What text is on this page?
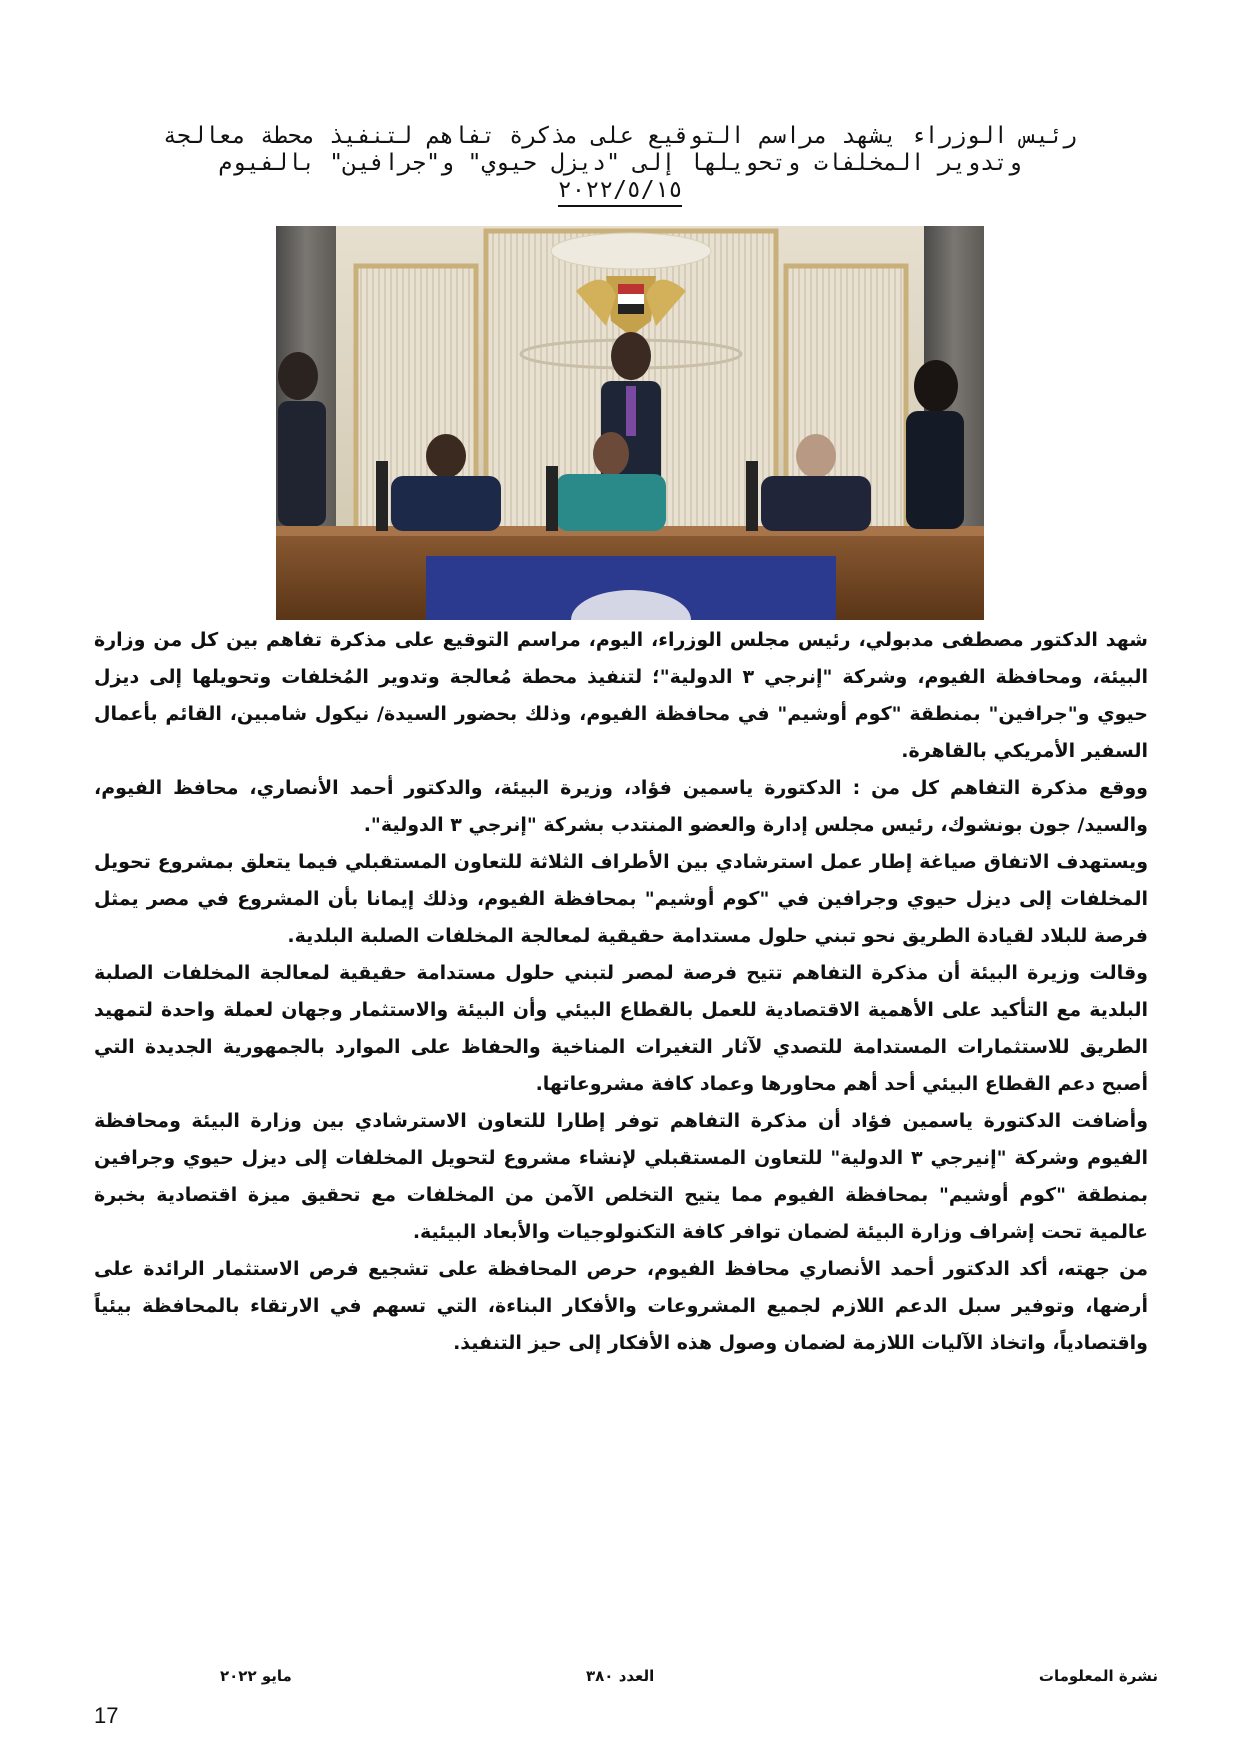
رئيس الوزراء يشهد مراسم التوقيع على مذكرة تفاهم لتنفيذ محطة معالجة
وتدوير المخلفات وتحويلها إلى "ديزل حيوي" و"جرافين" بالفيوم
٢٠٢٢/٥/١٥

شهد الدكتور مصطفى مدبولي، رئيس مجلس الوزراء، اليوم، مراسم التوقيع على مذكرة تفاهم بين كل من وزارة البيئة، ومحافظة الفيوم، وشركة "إنرجي ٣ الدولية"؛ لتنفيذ محطة مُعالجة وتدوير المُخلفات وتحويلها إلى ديزل حيوي و"جرافين" بمنطقة "كوم أوشيم" في محافظة الفيوم، وذلك بحضور السيدة/ نيكول شامبين، القائم بأعمال السفير الأمريكي بالقاهرة.

ووقع مذكرة التفاهم كل من : الدكتورة ياسمين فؤاد، وزيرة البيئة، والدكتور أحمد الأنصاري، محافظ الفيوم، والسيد/ جون بونشوك، رئيس مجلس إدارة والعضو المنتدب بشركة "إنرجي ٣ الدولية".

ويستهدف الاتفاق صياغة إطار عمل استرشادي بين الأطراف الثلاثة للتعاون المستقبلي فيما يتعلق بمشروع تحويل المخلفات إلى ديزل حيوي وجرافين في "كوم أوشيم" بمحافظة الفيوم، وذلك إيمانا بأن المشروع في مصر يمثل فرصة للبلاد لقيادة الطريق نحو تبني حلول مستدامة حقيقية لمعالجة المخلفات الصلبة البلدية.

وقالت وزيرة البيئة أن مذكرة التفاهم تتيح فرصة لمصر لتبني حلول مستدامة حقيقية لمعالجة المخلفات الصلبة البلدية مع التأكيد على الأهمية الاقتصادية للعمل بالقطاع البيئي وأن البيئة والاستثمار وجهان لعملة واحدة لتمهيد الطريق للاستثمارات المستدامة للتصدي لآثار التغيرات المناخية والحفاظ على الموارد بالجمهورية الجديدة التي أصبح دعم القطاع البيئي أحد أهم محاورها وعماد كافة مشروعاتها.

وأضافت الدكتورة ياسمين فؤاد أن مذكرة التفاهم توفر إطارا للتعاون الاسترشادي بين وزارة البيئة ومحافظة الفيوم وشركة "إنيرجي ٣ الدولية" للتعاون المستقبلي لإنشاء مشروع لتحويل المخلفات إلى ديزل حيوي وجرافين بمنطقة "كوم أوشيم" بمحافظة الفيوم مما يتيح التخلص الآمن من المخلفات مع تحقيق ميزة اقتصادية بخبرة عالمية تحت إشراف وزارة البيئة لضمان توافر كافة التكنولوجيات والأبعاد البيئية.

من جهته، أكد الدكتور أحمد الأنصاري محافظ الفيوم، حرص المحافظة على تشجيع فرص الاستثمار الرائدة على أرضها، وتوفير سبل الدعم اللازم لجميع المشروعات والأفكار البناءة، التي تسهم في الارتقاء بالمحافظة بيئياً واقتصادياً، واتخاذ الآليات اللازمة لضمان وصول هذه الأفكار إلى حيز التنفيذ.

نشرة المعلومات
العدد ٣٨٠
مايو ٢٠٢٢
17
